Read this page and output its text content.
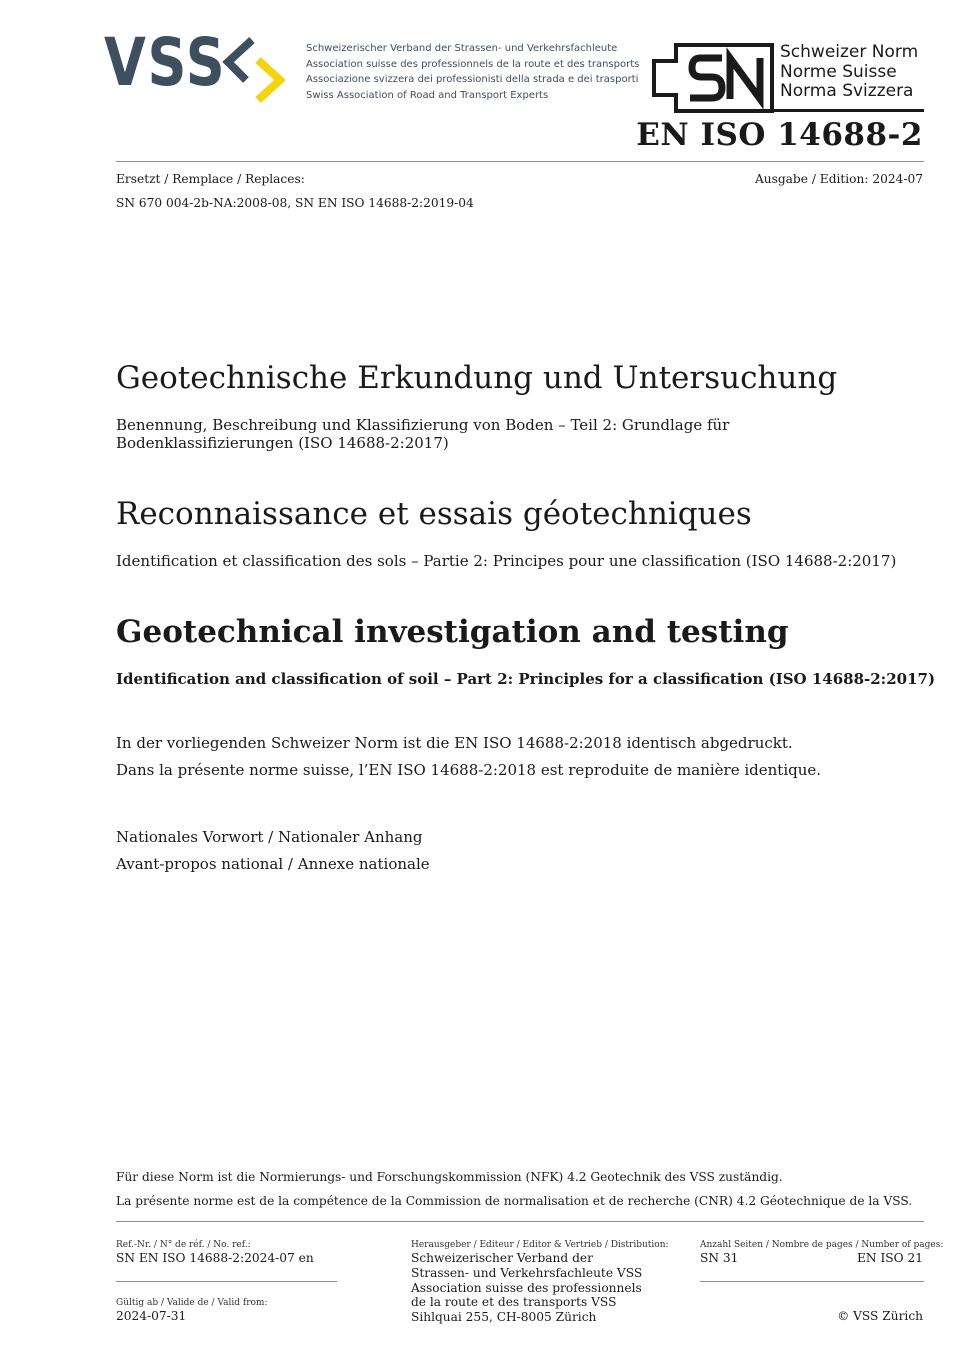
VSS	Schweizerischer Verband der Strassen- und Verkehrsfachleute
Association suisse des professionnels de la route et des transports
Associazione svizzera dei professionisti della strada e dei trasporti
Swiss Association of Road and Transport Experts
Schweizer Norm
Norme Suisse
Norma Svizzera
EN ISO 14688-2
Ersetzt / Remplace / Replaces:	Ausgabe / Edition: 2024-07
SN 670 004-2b-NA:2008-08, SN EN ISO 14688-2:2019-04
Geotechnische Erkundung und Untersuchung
Benennung, Beschreibung und Klassifizierung von Boden – Teil 2: Grundlage für Bodenklassifizierungen (ISO 14688-2:2017)
Reconnaissance et essais géotechniques
Identification et classification des sols – Partie 2: Principes pour une classification (ISO 14688-2:2017)
Geotechnical investigation and testing
Identification and classification of soil – Part 2: Principles for a classification (ISO 14688-2:2017)
In der vorliegenden Schweizer Norm ist die EN ISO 14688-2:2018 identisch abgedruckt.
Dans la présente norme suisse, l’EN ISO 14688-2:2018 est reproduite de manière identique.
Nationales Vorwort / Nationaler Anhang
Avant-propos national / Annexe nationale
Für diese Norm ist die Normierungs- und Forschungskommission (NFK) 4.2 Geotechnik des VSS zuständig.
La présente norme est de la compétence de la Commission de normalisation et de recherche (CNR) 4.2 Géotechnique de la VSS.
Ref.-Nr. / N° de réf. / No. ref.:
SN EN ISO 14688-2:2024-07 en
Gültig ab / Valide de / Valid from:
2024-07-31
Herausgeber / Editeur / Editor & Vertrieb / Distribution:
Schweizerischer Verband der
Strassen- und Verkehrsfachleute VSS
Association suisse des professionnels
de la route et des transports VSS
Sihlquai 255, CH-8005 Zürich
Anzahl Seiten / Nombre de pages / Number of pages:
SN 31	EN ISO 21
© VSS Zürich
